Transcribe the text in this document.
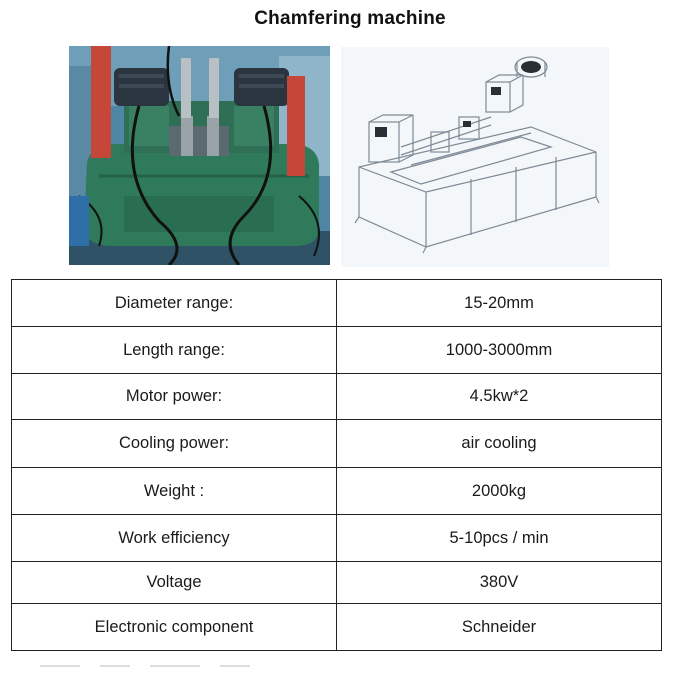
Chamfering machine
Diameter range:	15-20mm
Length range:	1000-3000mm
Motor power:	4.5kw*2
Cooling power:	air cooling
Weight :	2000kg
Work efficiency	5-10pcs / min
Voltage	380V
Electronic component	Schneider
